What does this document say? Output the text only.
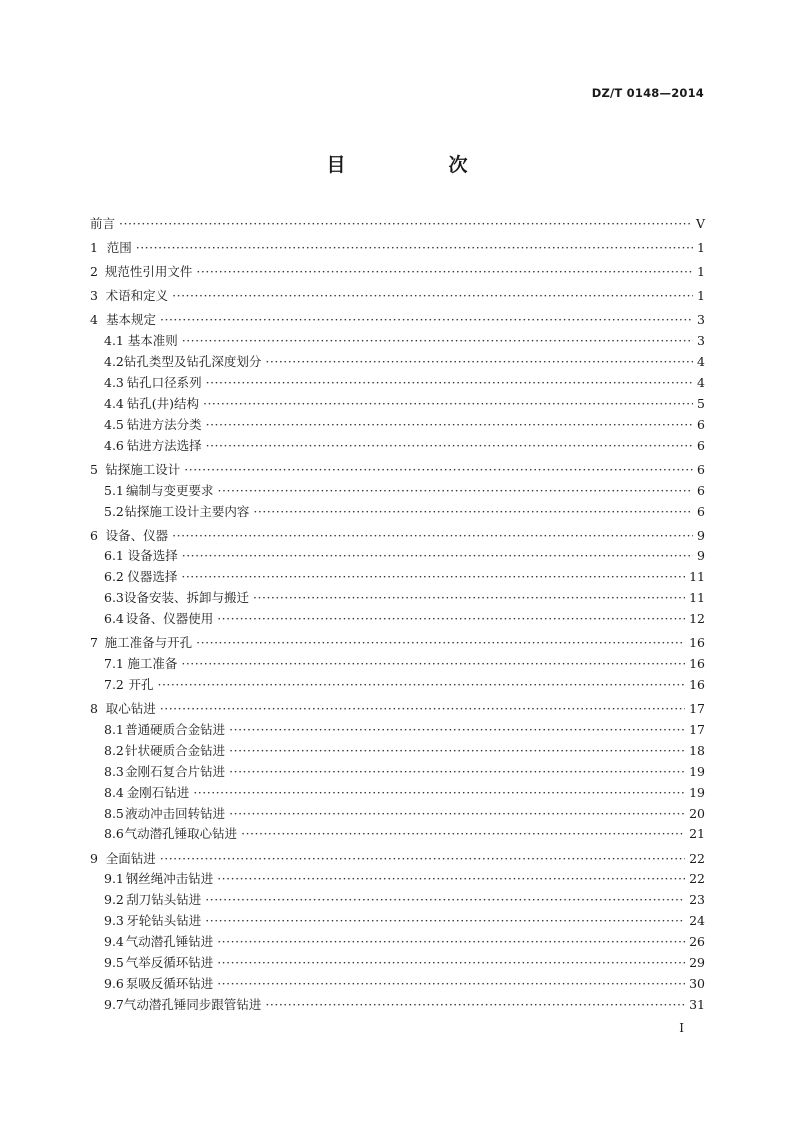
DZ/T 0148—2014
目　次
前言 ·····	Ⅴ
1 范围 ·····	1
2 规范性引用文件 ·····	1
3 术语和定义 ·····	1
4 基本规定 ·····	3
4.1 基本准则 ·····	3
4.2 钻孔类型及钻孔深度划分 ·····	4
4.3 钻孔口径系列 ·····	4
4.4 钻孔(井)结构 ·····	5
4.5 钻进方法分类 ·····	6
4.6 钻进方法选择 ·····	6
5 钻探施工设计 ·····	6
5.1 编制与变更要求 ·····	6
5.2 钻探施工设计主要内容 ·····	6
6 设备、仪器 ·····	9
6.1 设备选择 ·····	9
6.2 仪器选择 ·····	11
6.3 设备安装、拆卸与搬迁 ·····	11
6.4 设备、仪器使用 ·····	12
7 施工准备与开孔 ·····	16
7.1 施工准备 ·····	16
7.2 开孔 ·····	16
8 取心钻进 ·····	17
8.1 普通硬质合金钻进 ·····	17
8.2 针状硬质合金钻进 ·····	18
8.3 金刚石复合片钻进 ·····	19
8.4 金刚石钻进 ·····	19
8.5 液动冲击回转钻进 ·····	20
8.6 气动潜孔锤取心钻进 ·····	21
9 全面钻进 ·····	22
9.1 钢丝绳冲击钻进 ·····	22
9.2 刮刀钻头钻进 ·····	23
9.3 牙轮钻头钻进 ·····	24
9.4 气动潜孔锤钻进 ·····	26
9.5 气举反循环钻进 ·····	29
9.6 泵吸反循环钻进 ·····	30
9.7 气动潜孔锤同步跟管钻进 ·····	31
I
